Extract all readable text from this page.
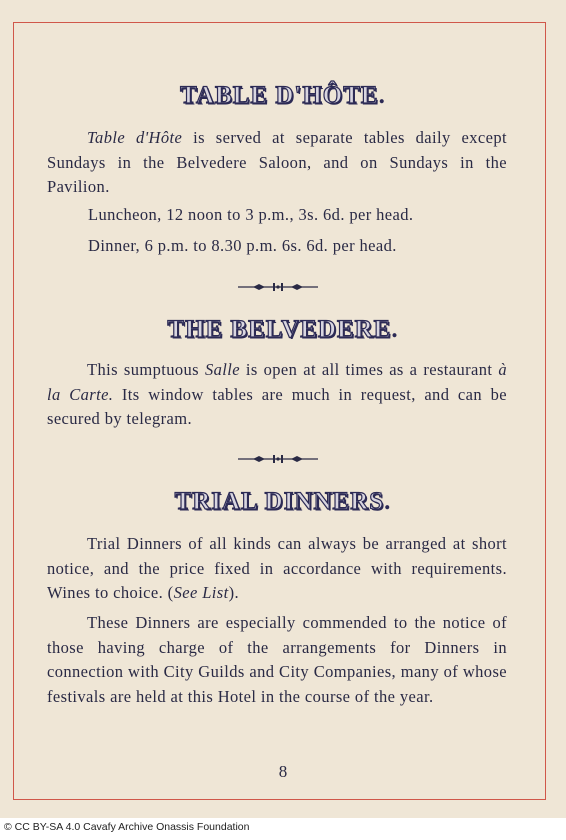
TABLE D'HÔTE.
Table d'Hôte is served at separate tables daily except Sundays in the Belvedere Saloon, and on Sundays in the Pavilion.
Luncheon, 12 noon to 3 p.m., 3s. 6d. per head.
Dinner, 6 p.m. to 8.30 p.m. 6s. 6d. per head.
THE BELVEDERE.
This sumptuous Salle is open at all times as a restaurant à la Carte. Its window tables are much in request, and can be secured by telegram.
TRIAL DINNERS.
Trial Dinners of all kinds can always be arranged at short notice, and the price fixed in accordance with requirements. Wines to choice. (See List).
These Dinners are especially commended to the notice of those having charge of the arrangements for Dinners in connection with City Guilds and City Companies, many of whose festivals are held at this Hotel in the course of the year.
8
© CC BY-SA 4.0 Cavafy Archive Onassis Foundation
